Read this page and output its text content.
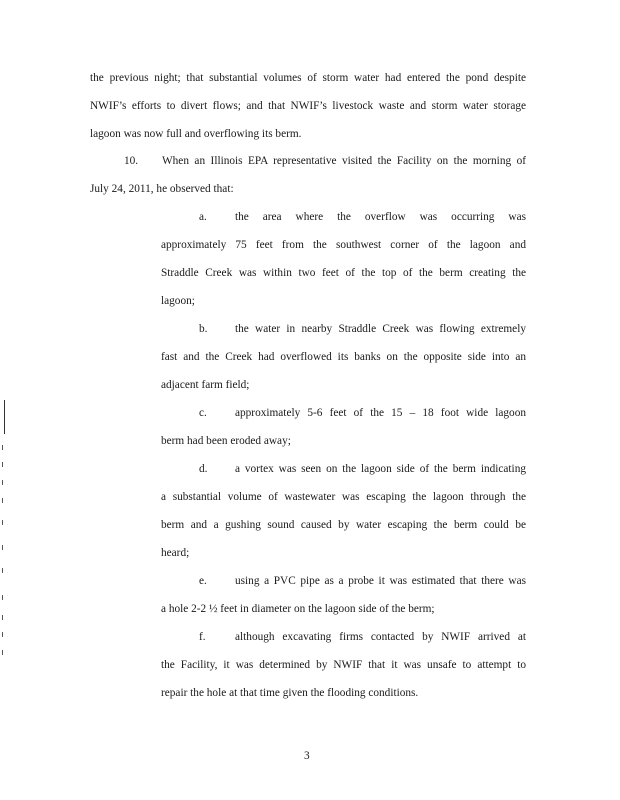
the previous night; that substantial volumes of storm water had entered the pond despite
NWIF’s efforts to divert flows; and that NWIF’s livestock waste and storm water storage
lagoon was now full and overflowing its berm.
10. When an Illinois EPA representative visited the Facility on the morning of
July 24, 2011, he observed that:
a. the area where the overflow was occurring was
approximately 75 feet from the southwest corner of the lagoon and
Straddle Creek was within two feet of the top of the berm creating the
lagoon;
b. the water in nearby Straddle Creek was flowing extremely
fast and the Creek had overflowed its banks on the opposite side into an
adjacent farm field;
c. approximately 5-6 feet of the 15 – 18 foot wide lagoon
berm had been eroded away;
d. a vortex was seen on the lagoon side of the berm indicating
a substantial volume of wastewater was escaping the lagoon through the
berm and a gushing sound caused by water escaping the berm could be
heard;
e. using a PVC pipe as a probe it was estimated that there was
a hole 2-2 ½ feet in diameter on the lagoon side of the berm;
f.	although excavating firms contacted by NWIF arrived at
the Facility, it was determined by NWIF that it was unsafe to attempt to
repair the hole at that time given the flooding conditions.
3
